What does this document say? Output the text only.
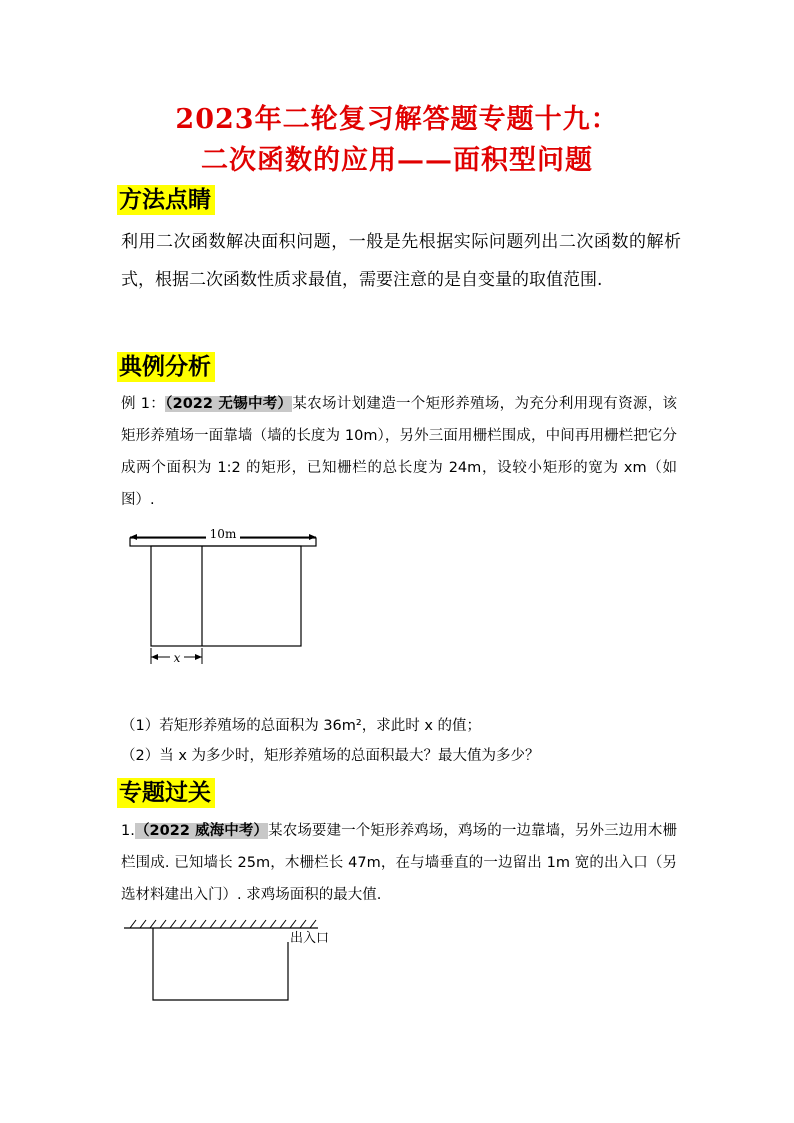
2023年二轮复习解答题专题十九：
二次函数的应用——面积型问题
方法点睛
利用二次函数解决面积问题，一般是先根据实际问题列出二次函数的解析式，根据二次函数性质求最值，需要注意的是自变量的取值范围.
典例分析
例 1：（2022 无锡中考）某农场计划建造一个矩形养殖场，为充分利用现有资源，该矩形养殖场一面靠墙（墙的长度为 10m），另外三面用栅栏围成，中间再用栅栏把它分成两个面积为 1:2 的矩形，已知栅栏的总长度为 24m，设较小矩形的宽为 xm（如图）.
10m
x
（1）若矩形养殖场的总面积为 36m²，求此时 x 的值；
（2）当 x 为多少时，矩形养殖场的总面积最大？最大值为多少？
专题过关
1.（2022 威海中考）某农场要建一个矩形养鸡场，鸡场的一边靠墙，另外三边用木栅栏围成. 已知墙长 25m，木栅栏长 47m，在与墙垂直的一边留出 1m 宽的出入口（另选材料建出入门）. 求鸡场面积的最大值.
出入口
